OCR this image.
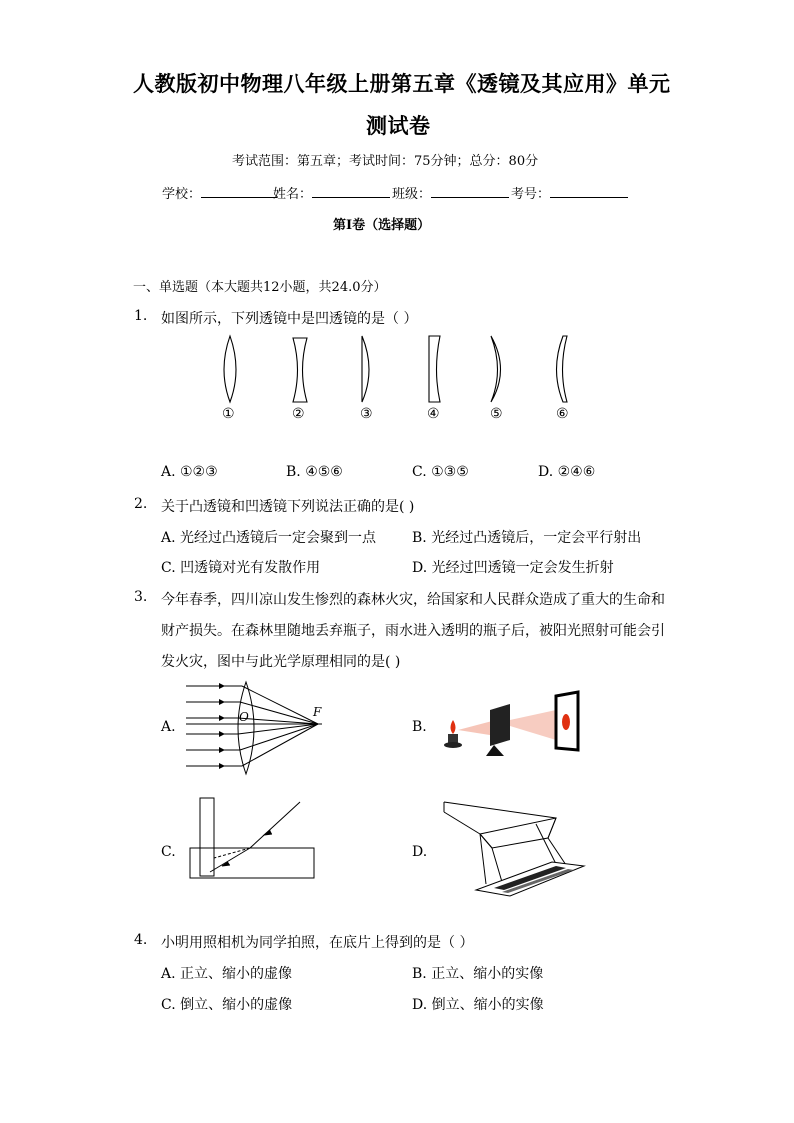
人教版初中物理八年级上册第五章《透镜及其应用》单元
测试卷
考试范围：第五章；考试时间：75分钟；总分：80分
学校：	姓名：	班级：	考号：
第I卷（选择题）
一、单选题（本大题共12小题，共24.0分）
1. 如图所示，下列透镜中是凹透镜的是（ ）
①	②	③	④	⑤	⑥
A. ①②③	B. ④⑤⑥	C. ①③⑤	D. ②④⑥
2. 关于凸透镜和凹透镜下列说法正确的是( )
A. 光经过凸透镜后一定会聚到一点	B. 光经过凸透镜后，一定会平行射出
C. 凹透镜对光有发散作用	D. 光经过凹透镜一定会发生折射
3. 今年春季，四川凉山发生惨烈的森林火灾，给国家和人民群众造成了重大的生命和
财产损失。在森林里随地丢弃瓶子，雨水进入透明的瓶子后，被阳光照射可能会引
发火灾，图中与此光学原理相同的是( )
A.
O	F
B.
C.	D.
4. 小明用照相机为同学拍照，在底片上得到的是（ ）
A. 正立、缩小的虚像	B. 正立、缩小的实像
C. 倒立、缩小的虚像	D. 倒立、缩小的实像
